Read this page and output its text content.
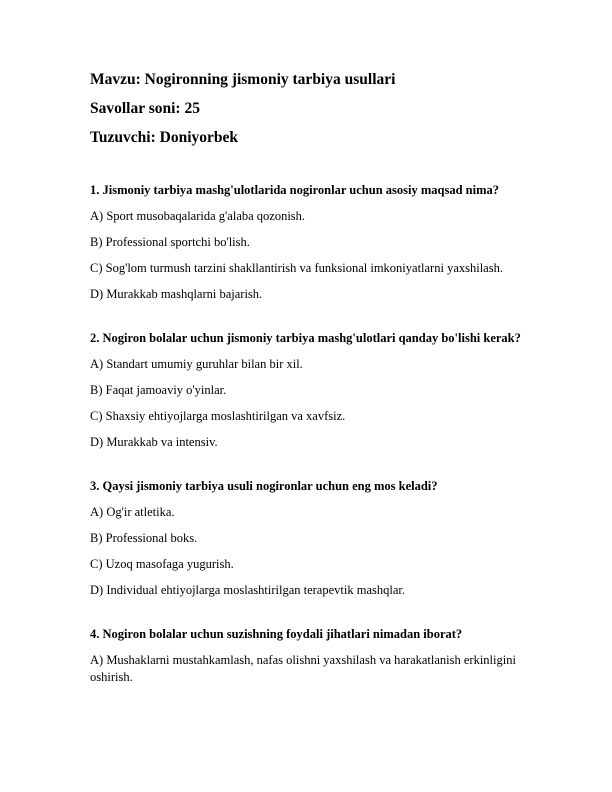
Mavzu: Nogironning jismoniy tarbiya usullari
Savollar soni: 25
Tuzuvchi: Doniyorbek
1. Jismoniy tarbiya mashg'ulotlarida nogironlar uchun asosiy maqsad nima?
A) Sport musobaqalarida g'alaba qozonish.
B) Professional sportchi bo'lish.
C) Sog'lom turmush tarzini shakllantirish va funksional imkoniyatlarni yaxshilash.
D) Murakkab mashqlarni bajarish.
2. Nogiron bolalar uchun jismoniy tarbiya mashg'ulotlari qanday bo'lishi kerak?
A) Standart umumiy guruhlar bilan bir xil.
B) Faqat jamoaviy o'yinlar.
C) Shaxsiy ehtiyojlarga moslashtirilgan va xavfsiz.
D) Murakkab va intensiv.
3. Qaysi jismoniy tarbiya usuli nogironlar uchun eng mos keladi?
A) Og'ir atletika.
B) Professional boks.
C) Uzoq masofaga yugurish.
D) Individual ehtiyojlarga moslashtirilgan terapevtik mashqlar.
4. Nogiron bolalar uchun suzishning foydali jihatlari nimadan iborat?
A) Mushaklarni mustahkamlash, nafas olishni yaxshilash va harakatlanish erkinligini oshirish.
